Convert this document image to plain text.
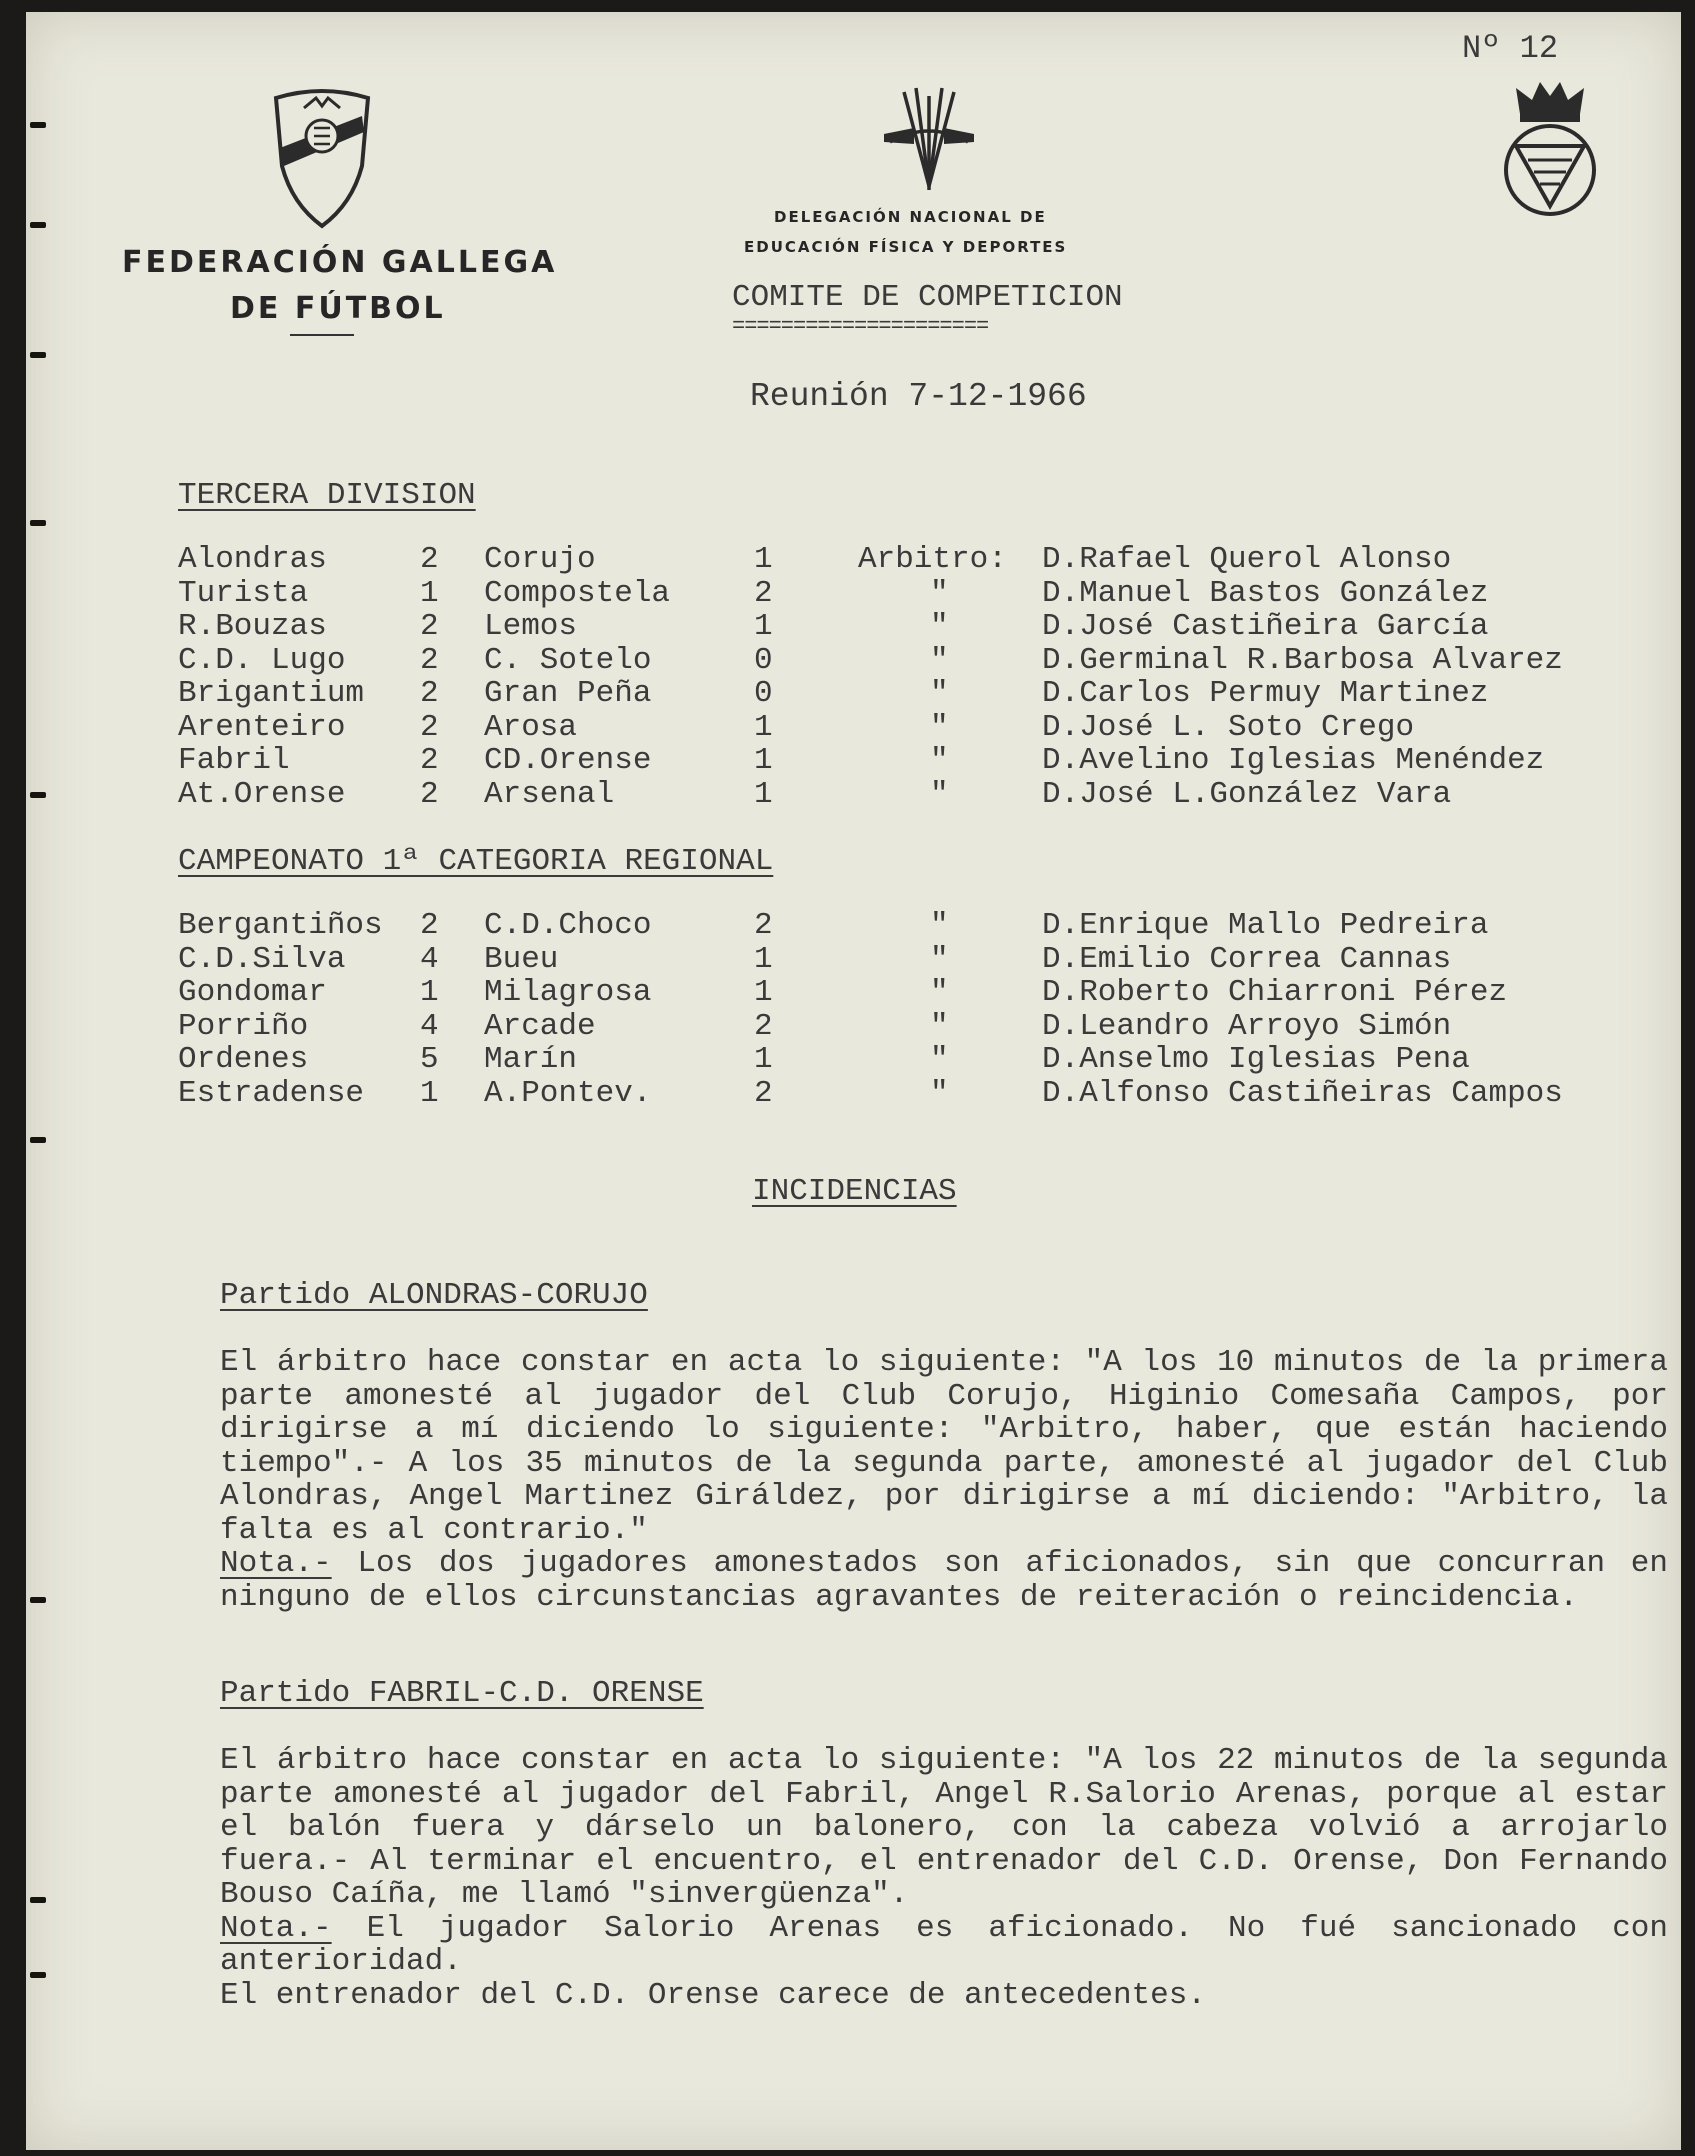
Nº 12
FEDERACIÓN GALLEGA
DE FÚTBOL
DELEGACIÓN NACIONAL DE
EDUCACIÓN FÍSICA Y DEPORTES
COMITE DE COMPETICION
=====================
Reunión 7-12-1966
TERCERA DIVISION
Alondras	2 Corujo	1	Arbitro: D.Rafael Querol Alonso
Turista	1 Compostela	2	"	D.Manuel Bastos González
R.Bouzas	2 Lemos	1	"	D.José Castiñeira García
C.D. Lugo 2 C. Sotelo	0	"	D.Germinal R.Barbosa Alvarez
Brigantium 2 Gran Peña	0	"	D.Carlos Permuy Martinez
Arenteiro 2 Arosa	1	"	D.José L. Soto Crego
Fabril	2 CD.Orense	1	"	D.Avelino Iglesias Menéndez
At.Orense 2 Arsenal	1	"	D.José L.González Vara
CAMPEONATO 1ª CATEGORIA REGIONAL
Bergantiños 2 C.D.Choco	2	"	D.Enrique Mallo Pedreira
C.D.Silva 4 Bueu	1	"	D.Emilio Correa Cannas
Gondomar	1 Milagrosa	1	"	D.Roberto Chiarroni Pérez
Porriño	4 Arcade	2	"	D.Leandro Arroyo Simón
Ordenes	5 Marín	1	"	D.Anselmo Iglesias Pena
Estradense 1 A.Pontev.	2	"	D.Alfonso Castiñeiras Campos
INCIDENCIAS
Partido ALONDRAS-CORUJO

El árbitro hace constar en acta lo siguiente: "A los 10 minutos de la primera parte amonesté al jugador del Club Corujo, Higinio Comesaña Campos, por dirigirse a mí diciendo lo siguiente: "Arbitro, haber, que están haciendo tiempo".- A los 35 minutos de la segunda parte, amonesté al jugador del Club Alondras, Angel Martinez Giráldez, por dirigirse a mí diciendo: "Arbitro, la falta es al contrario."

Nota.- Los dos jugadores amonestados son aficionados, sin que concurran en ninguno de ellos circunstancias agravantes de reiteración o reincidencia.

Partido FABRIL-C.D. ORENSE

El árbitro hace constar en acta lo siguiente: "A los 22 minutos de la segunda parte amonesté al jugador del Fabril, Angel R.Salorio Arenas, porque al estar el balón fuera y dárselo un balonero, con la cabeza volvió a arrojarlo fuera.- Al terminar el encuentro, el entrenador del C.D. Orense, Don Fernando Bouso Caíña, me llamó "sinvergüenza".

Nota.- El jugador Salorio Arenas es aficionado. No fué sancionado con anterioridad.

El entrenador del C.D. Orense carece de antecedentes.
